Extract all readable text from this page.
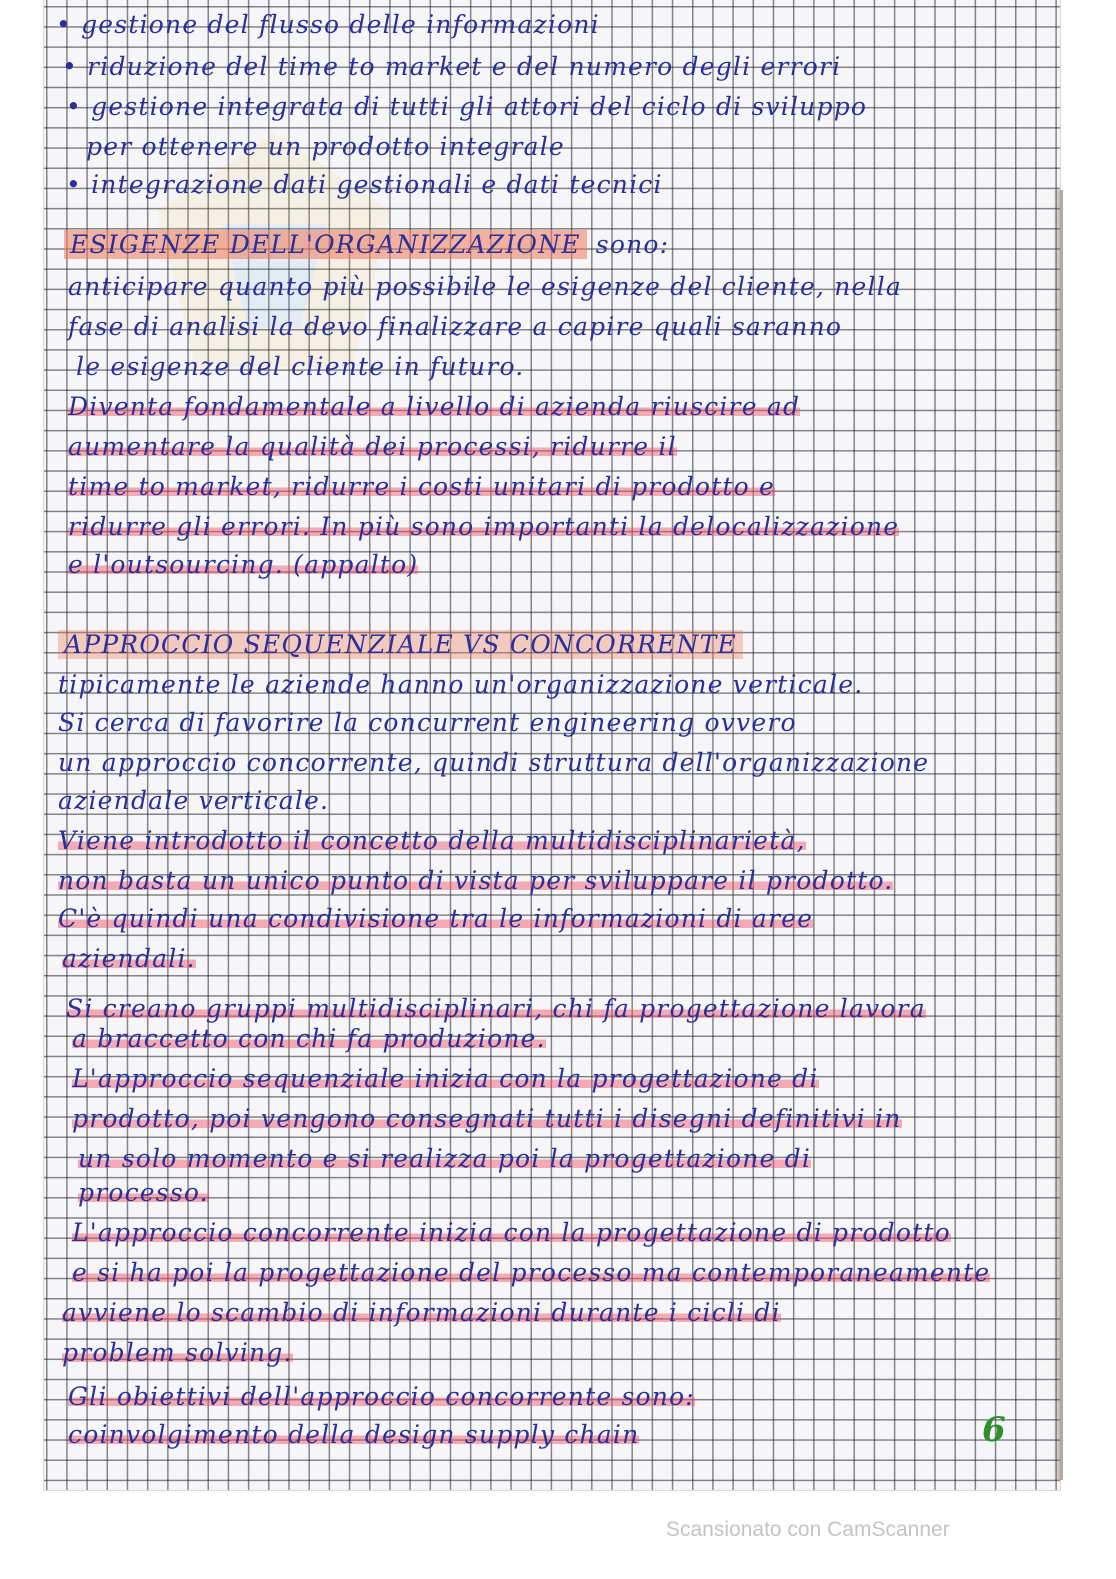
• gestione del flusso delle informazioni
• riduzione del time to market e del numero degli errori
• gestione integrata di tutti gli attori del ciclo di sviluppo
per ottenere un prodotto integrale
• integrazione dati gestionali e dati tecnici
ESIGENZE DELL'ORGANIZZAZIONE sono:
anticipare quanto più possibile le esigenze del cliente, nella
fase di analisi la devo finalizzare a capire quali saranno
le esigenze del cliente in futuro.
Diventa fondamentale a livello di azienda riuscire ad
aumentare la qualità dei processi, ridurre il
time to market, ridurre i costi unitari di prodotto e
ridurre gli errori. In più sono importanti la delocalizzazione
e l'outsourcing. (appalto)
APPROCCIO SEQUENZIALE VS CONCORRENTE
tipicamente le aziende hanno un'organizzazione verticale.
Si cerca di favorire la concurrent engineering ovvero
un approccio concorrente, quindi struttura dell'organizzazione
aziendale verticale.
Viene introdotto il concetto della multidisciplinarietà,
non basta un unico punto di vista per sviluppare il prodotto.
C'è quindi una condivisione tra le informazioni di aree
aziendali.
Si creano gruppi multidisciplinari, chi fa progettazione lavora
a braccetto con chi fa produzione.
L'approccio sequenziale inizia con la progettazione di
prodotto, poi vengono consegnati tutti i disegni definitivi in
un solo momento e si realizza poi la progettazione di
processo.
L'approccio concorrente inizia con la progettazione di prodotto
e si ha poi la progettazione del processo ma contemporaneamente
avviene lo scambio di informazioni durante i cicli di
problem solving.
Gli obiettivi dell'approccio concorrente sono:
coinvolgimento della design supply chain	6
Scansionato con CamScanner
